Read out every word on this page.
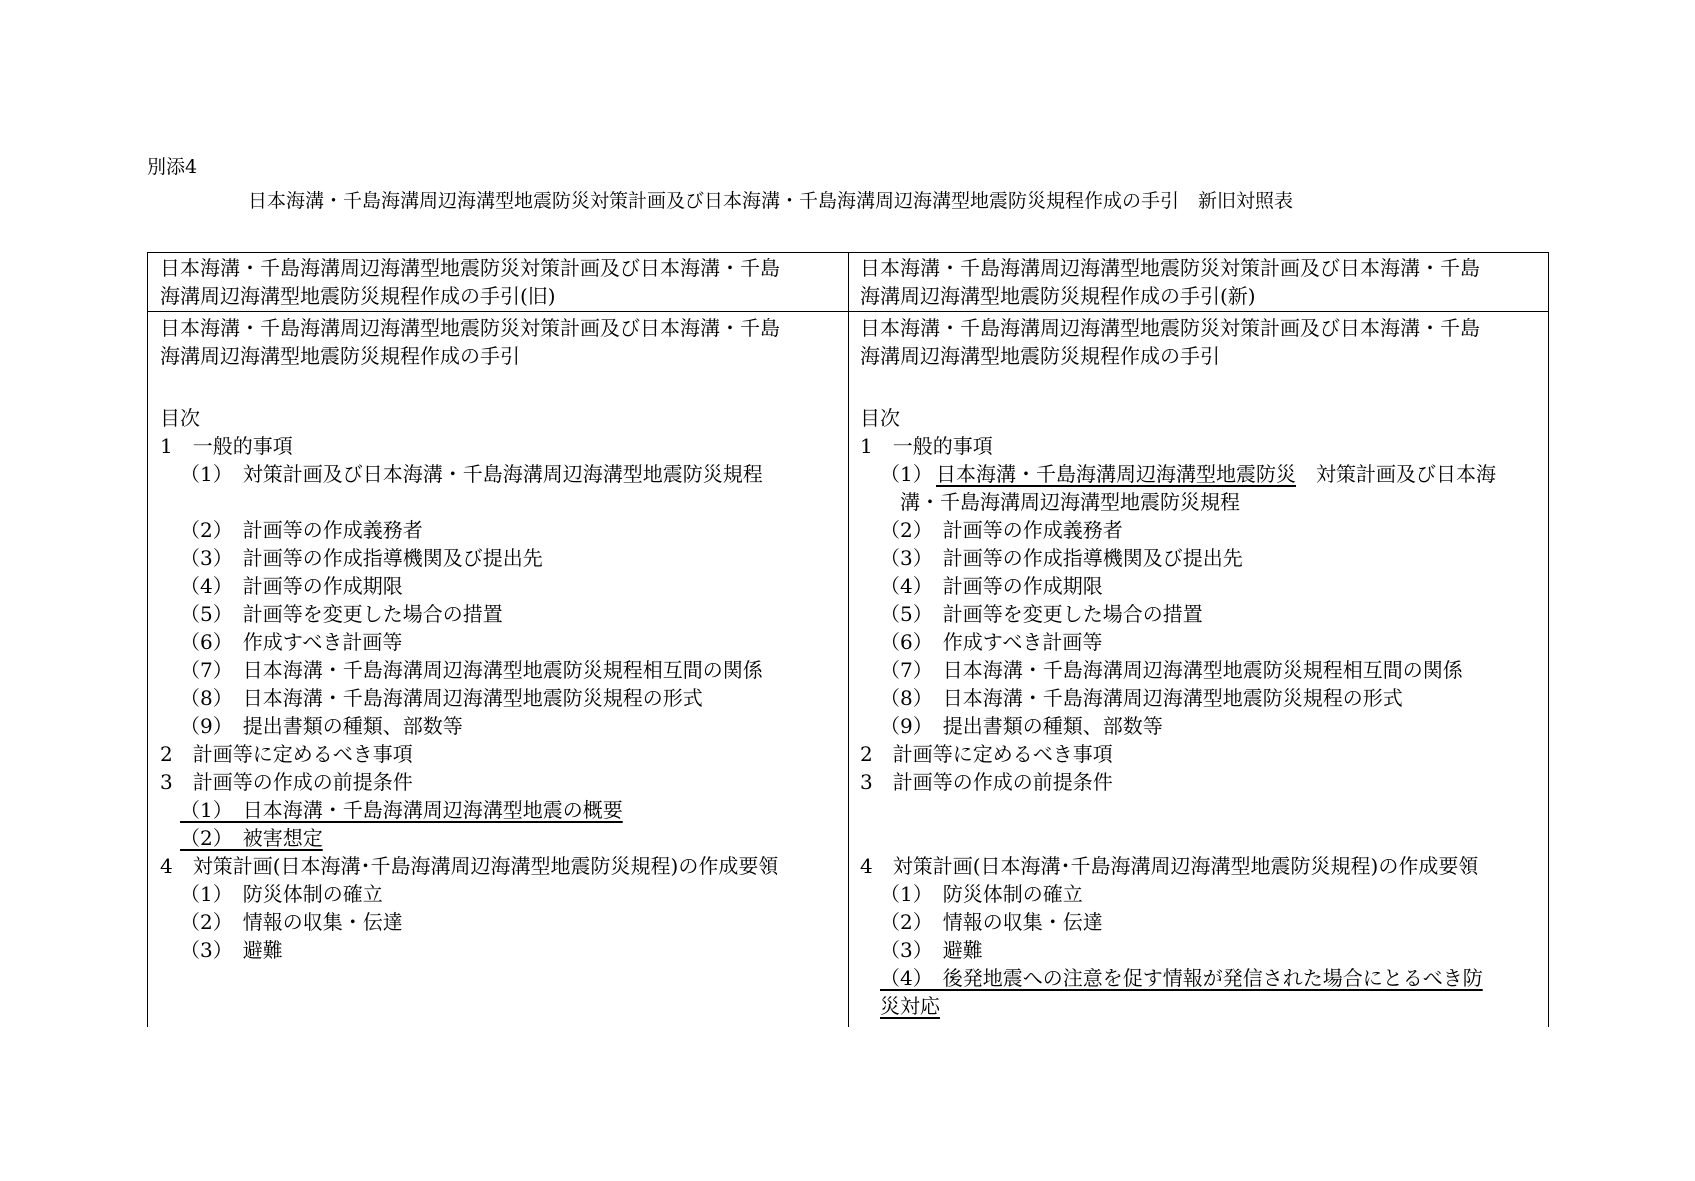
別添4
日本海溝・千島海溝周辺海溝型地震防災対策計画及び日本海溝・千島海溝周辺海溝型地震防災規程作成の手引　新旧対照表
日本海溝・千島海溝周辺海溝型地震防災対策計画及び日本海溝・千島
海溝周辺海溝型地震防災規程作成の手引(旧)
日本海溝・千島海溝周辺海溝型地震防災対策計画及び日本海溝・千島
海溝周辺海溝型地震防災規程作成の手引(新)
日本海溝・千島海溝周辺海溝型地震防災対策計画及び日本海溝・千島
海溝周辺海溝型地震防災規程作成の手引
目次
1　一般的事項
（1）　対策計画及び日本海溝・千島海溝周辺海溝型地震防災規程
（2）　計画等の作成義務者
（3）　計画等の作成指導機関及び提出先
（4）　計画等の作成期限
（5）　計画等を変更した場合の措置
（6）　作成すべき計画等
（7）　日本海溝・千島海溝周辺海溝型地震防災規程相互間の関係
（8）　日本海溝・千島海溝周辺海溝型地震防災規程の形式
（9）　提出書類の種類、部数等
2　計画等に定めるべき事項
3　計画等の作成の前提条件
（1）　日本海溝・千島海溝周辺海溝型地震の概要
（2）　被害想定
4　対策計画(日本海溝･千島海溝周辺海溝型地震防災規程)の作成要領
（1）　防災体制の確立
（2）　情報の収集・伝達
（3）　避難
日本海溝・千島海溝周辺海溝型地震防災対策計画及び日本海溝・千島
海溝周辺海溝型地震防災規程作成の手引
目次
1　一般的事項
（1） 日本海溝・千島海溝周辺海溝型地震防災 対策計画及び日本海
溝・千島海溝周辺海溝型地震防災規程
（2）　計画等の作成義務者
（3）　計画等の作成指導機関及び提出先
（4）　計画等の作成期限
（5）　計画等を変更した場合の措置
（6）　作成すべき計画等
（7）　日本海溝・千島海溝周辺海溝型地震防災規程相互間の関係
（8）　日本海溝・千島海溝周辺海溝型地震防災規程の形式
（9）　提出書類の種類、部数等
2　計画等に定めるべき事項
3　計画等の作成の前提条件
4　対策計画(日本海溝･千島海溝周辺海溝型地震防災規程)の作成要領
（1）　防災体制の確立
（2）　情報の収集・伝達
（3）　避難
（4）　後発地震への注意を促す情報が発信された場合にとるべき防
災対応
